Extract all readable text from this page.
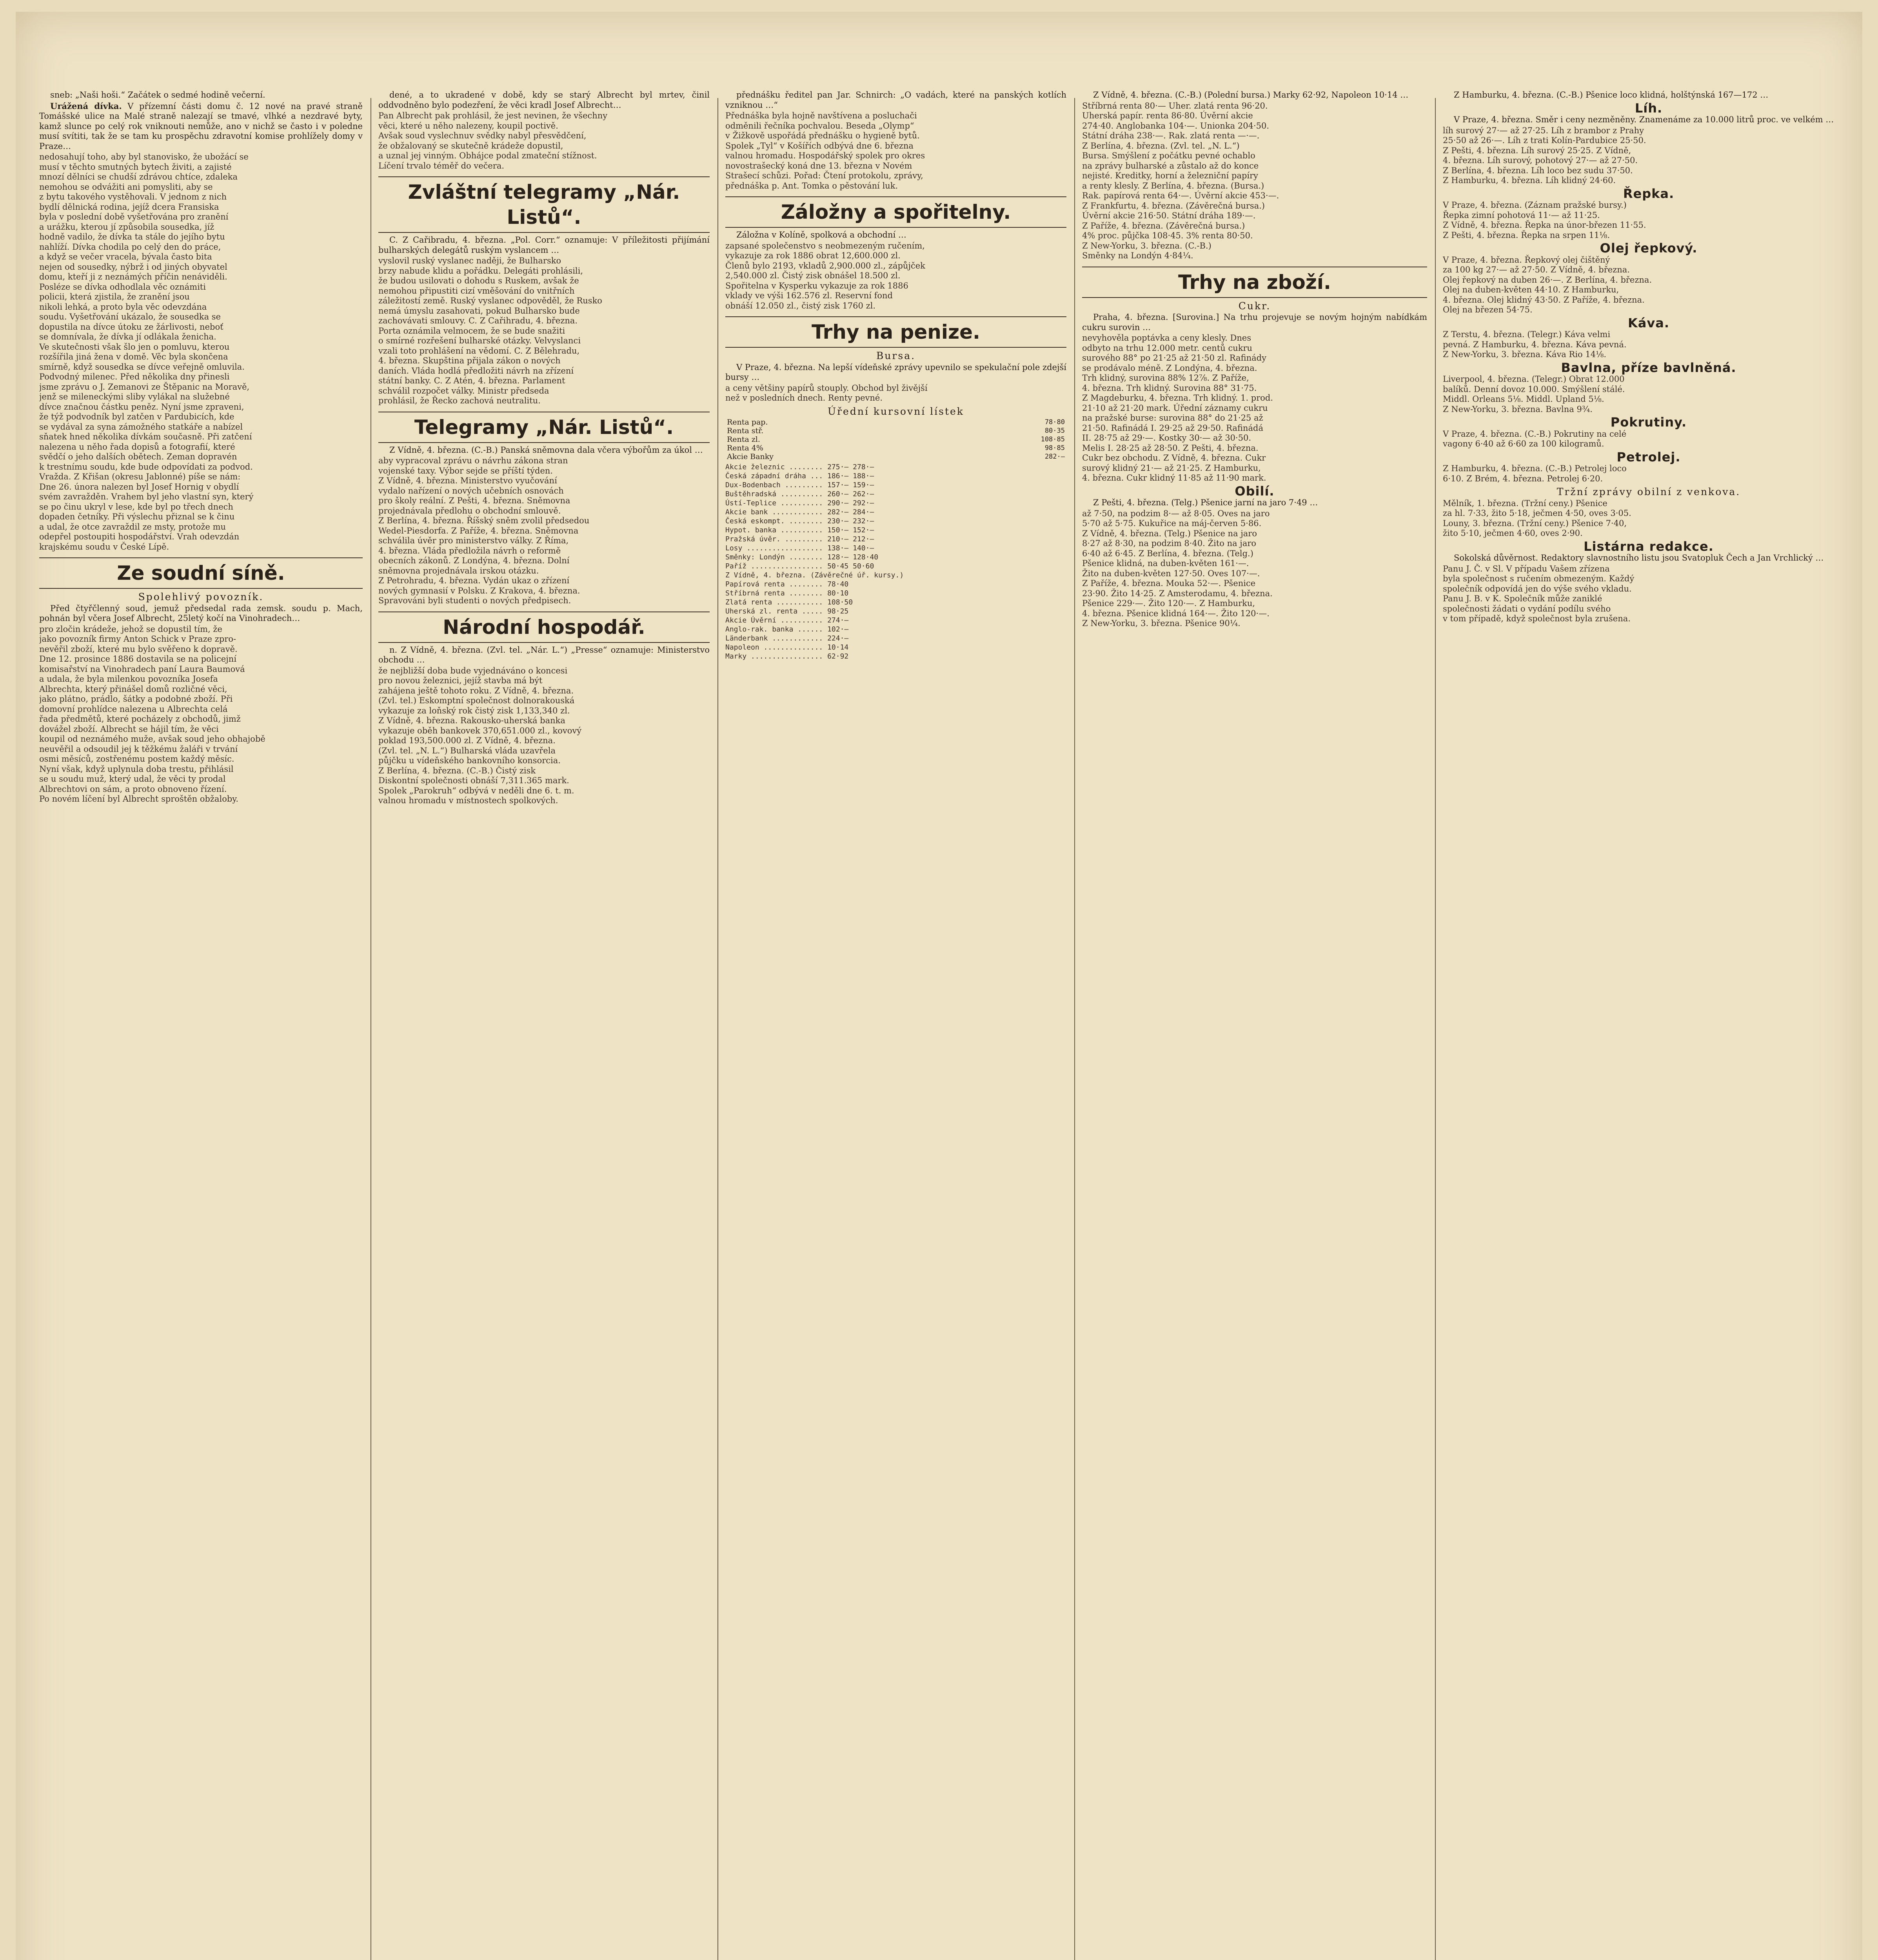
sneb: „Naši hoši.“ Začátek o sedmé hodině večerní.

Urážená dívka. V přízemní části domu č. 12 nové na pravé straně Tomášské ulice na Malé straně nalezají se tmavé, vlhké a nezdravé byty, kamž slunce po celý rok vniknouti nemůže, ano v nichž se často i v poledne musí svítiti, tak že se tam ku prospěchu zdravotní komise prohlížely domy v Praze…

nedosahují toho, aby byl stanovisko, že ubožácí se
musí v těchto smutných bytech živiti, a zajisté
mnozí dělníci se chudší zdrávou chtíce, zdaleka
nemohou se odvážiti ani pomysliti, aby se
z bytu takového vystěhovali. V jednom z nich
bydlí dělnická rodina, jejíž dcera Fransiska
byla v poslední době vyšetřována pro zranění
a urážku, kterou jí způsobila sousedka, jíž
hodně vadilo, že dívka ta stále do jejího bytu
nahlíží. Dívka chodila po celý den do práce,
a když se večer vracela, bývala často bita
nejen od sousedky, nýbrž i od jiných obyvatel
domu, kteří ji z neznámých příčin nenáviděli.
Posléze se dívka odhodlala věc oznámiti
policii, která zjistila, že zranění jsou
nikoli lehká, a proto byla věc odevzdána
soudu. Vyšetřování ukázalo, že sousedka se
dopustila na dívce útoku ze žárlivosti, neboť
se domnívala, že dívka jí odlákala ženicha.
Ve skutečnosti však šlo jen o pomluvu, kterou
rozšířila jiná žena v domě. Věc byla skončena
smírně, když sousedka se dívce veřejně omluvila.
Podvodný milenec. Před několika dny přinesli
jsme zprávu o J. Zemanovi ze Štěpanic na Moravě,
jenž se mileneckými sliby vylákal na služebné
dívce značnou částku peněz. Nyní jsme zpraveni,
že týž podvodník byl zatčen v Pardubicích, kde
se vydával za syna zámožného statkáře a nabízel
sňatek hned několika dívkám současně. Při zatčení
nalezena u něho řada dopisů a fotografií, které
svědčí o jeho dalších obětech. Zeman dopravén
k trestnímu soudu, kde bude odpovídati za podvod.
Vražda. Z Křišan (okresu Jablonné) píše se nám:
Dne 26. února nalezen byl Josef Hornig v obydlí
svém zavražděn. Vrahem byl jeho vlastní syn, který
se po činu ukryl v lese, kde byl po třech dnech
dopaden četníky. Při výslechu přiznal se k činu
a udal, že otce zavraždil ze msty, protože mu
odepřel postoupiti hospodářství. Vrah odevzdán
krajskému soudu v České Lípě.
Ze soudní síně.
Spolehlivý povozník.

Před čtyřčlenný soud, jemuž předsedal rada zemsk. soudu p. Mach, pohnán byl včera Josef Albrecht, 25letý kočí na Vinohradech…

pro zločin krádeže, jehož se dopustil tím, že
jako povozník firmy Anton Schick v Praze zpro-
nevěřil zboží, které mu bylo svěřeno k dopravě.
Dne 12. prosince 1886 dostavila se na policejní
komisařství na Vinohradech paní Laura Baumová
a udala, že byla milenkou povozníka Josefa
Albrechta, který přinášel domů rozličné věci,
jako plátno, prádlo, šátky a podobné zboží. Při
domovní prohlídce nalezena u Albrechta celá
řada předmětů, které pocházely z obchodů, jimž
dovážel zboží. Albrecht se hájil tím, že věci
koupil od neznámého muže, avšak soud jeho obhajobě
neuvěřil a odsoudil jej k těžkému žaláři v trvání
osmi měsíců, zostřenému postem každý měsíc.
Nyní však, když uplynula doba trestu, přihlásil
se u soudu muž, který udal, že věci ty prodal
Albrechtovi on sám, a proto obnoveno řízení.
Po novém líčení byl Albrecht sproštěn obžaloby.

dené, a to ukradené v době, kdy se starý Albrecht byl mrtev, činil oddvodněno bylo podezření, že věci kradl Josef Albrecht…

Pan Albrecht pak prohlásil, že jest nevinen, že všechny
věci, které u něho nalezeny, koupil poctivě.
Avšak soud vyslechnuv svědky nabyl přesvědčení,
že obžalovaný se skutečně krádeže dopustil,
a uznal jej vinným. Obhájce podal zmateční stížnost.
Líčení trvalo téměř do večera.
Zvláštní telegramy „Nár. Listů“.

C. Z Cařibradu, 4. března. „Pol. Corr.“ oznamuje: V příležitosti přijímání bulharských delegátů ruským vyslancem …

vyslovil ruský vyslanec naději, že Bulharsko
brzy nabude klidu a pořádku. Delegáti prohlásili,
že budou usilovati o dohodu s Ruskem, avšak že
nemohou připustiti cizí vměšování do vnitřních
záležitostí země. Ruský vyslanec odpověděl, že Rusko
nemá úmyslu zasahovati, pokud Bulharsko bude
zachovávati smlouvy. C. Z Cařihradu, 4. března.
Porta oznámila velmocem, že se bude snažiti
o smírné rozřešení bulharské otázky. Velvyslanci
vzali toto prohlášení na vědomí. C. Z Bělehradu,
4. března. Skupština přijala zákon o nových
daních. Vláda hodlá předložiti návrh na zřízení
státní banky. C. Z Atén, 4. března. Parlament
schválil rozpočet války. Ministr předseda
prohlásil, že Řecko zachová neutralitu.
Telegramy „Nár. Listů“.

Z Vídně, 4. března. (C.-B.) Panská sněmovna dala včera výbořům za úkol …

aby vypracoval zprávu o návrhu zákona stran
vojenské taxy. Výbor sejde se příští týden.
Z Vídně, 4. března. Ministerstvo vyučování
vydalo nařízení o nových učebních osnovách
pro školy reální. Z Pešti, 4. března. Sněmovna
projednávala předlohu o obchodní smlouvě.
Z Berlína, 4. března. Říšský sněm zvolil předsedou
Wedel-Piesdorfa. Z Paříže, 4. března. Sněmovna
schválila úvěr pro ministerstvo války. Z Říma,
4. března. Vláda předložila návrh o reformě
obecních zákonů. Z Londýna, 4. března. Dolní
sněmovna projednávala irskou otázku.
Z Petrohradu, 4. března. Vydán ukaz o zřízení
nových gymnasií v Polsku. Z Krakova, 4. března.
Spravováni byli studenti o nových předpisech.
Národní hospodář.

n. Z Vídně, 4. března. (Zvl. tel. „Nár. L.“) „Presse“ oznamuje: Ministerstvo obchodu …

že nejbližší doba bude vyjednáváno o koncesi
pro novou železnici, jejíž stavba má být
zahájena ještě tohoto roku. Z Vídně, 4. března.
(Zvl. tel.) Eskomptní společnost dolnorakouská
vykazuje za loňský rok čistý zisk 1,133,340 zl.
Z Vídně, 4. března. Rakousko-uherská banka
vykazuje oběh bankovek 370,651.000 zl., kovový
poklad 193,500.000 zl. Z Vídně, 4. března.
(Zvl. tel. „N. L.“) Bulharská vláda uzavřela
půjčku u vídeňského bankovního konsorcia.
Z Berlína, 4. března. (C.-B.) Čistý zisk
Diskontní společnosti obnáší 7,311.365 mark.
Spolek „Parokruh“ odbývá v neděli dne 6. t. m.
valnou hromadu v místnostech spolkových.

přednášku ředitel pan Jar. Schnirch: „O vadách, které na panských kotlích vzniknou …“

Přednáška byla hojně navštívena a posluchači
odměnili řečníka pochvalou. Beseda „Olymp“
v Žižkově uspořádá přednášku o hygieně bytů.
Spolek „Tyl“ v Košířích odbývá dne 6. března
valnou hromadu. Hospodářský spolek pro okres
novostrašecký koná dne 13. března v Novém
Strašecí schůzi. Pořad: Čtení protokolu, zprávy,
přednáška p. Ant. Tomka o pěstování luk.
Záložny a spořitelny.

Záložna v Kolíně, spolková a obchodní …

zapsané společenstvo s neobmezeným ručením,
vykazuje za rok 1886 obrat 12,600.000 zl.
Členů bylo 2193, vkladů 2,900.000 zl., zápůjček
2,540.000 zl. Čistý zisk obnášel 18.500 zl.
Spořitelna v Kysperku vykazuje za rok 1886
vklady ve výši 162.576 zl. Reservní fond
obnáší 12.050 zl., čistý zisk 1760 zl.
Trhy na penize.
Bursa.

V Praze, 4. března. Na lepší vídeňské zprávy upevnilo se spekulační pole zdejší bursy …

a ceny většiny papírů stouply. Obchod byl živější
než v posledních dnech. Renty pevné.
Úřední kursovní lístek
Renta pap.	78·80
Renta stř.	80·35
Renta zl.	108·85
Renta 4%	98·85
Akcie Banky	282·—
Akcie železnic ........ 275·— 278·—
Česká západní dráha ... 186·— 188·—
Dux-Bodenbach ......... 157·— 159·—
Buštěhradská .......... 260·— 262·—
Ústí-Teplice .......... 290·— 292·—
Akcie bank ............ 282·— 284·—
Česká eskompt. ........ 230·— 232·—
Hypot. banka .......... 150·— 152·—
Pražská úvěr. ......... 210·— 212·—
Losy .................. 138·— 140·—
Směnky: Londýn ........ 128·— 128·40
Paříž ................. 50·45 50·60
Z Vídně, 4. března. (Závěrečné úř. kursy.)
Papírová renta ........ 78·40
Stříbrná renta ........ 80·10
Zlatá renta ........... 108·50
Uherská zl. renta ..... 98·25
Akcie Úvěrní .......... 274·—
Anglo-rak. banka ...... 102·—
Länderbank ............ 224·—
Napoleon .............. 10·14
Marky ................. 62·92

Z Vídně, 4. března. (C.-B.) (Polední bursa.) Marky 62·92, Napoleon 10·14 …

Stříbrná renta 80·— Uher. zlatá renta 96·20.
Uherská papír. renta 86·80. Úvěrní akcie
274·40. Anglobanka 104·—. Unionka 204·50.
Státní dráha 238·—. Rak. zlatá renta —·—.
Z Berlína, 4. března. (Zvl. tel. „N. L.“)
Bursa. Smýšlení z počátku pevné ochablo
na zprávy bulharské a zůstalo až do konce
nejisté. Kreditky, horní a železniční papíry
a renty klesly. Z Berlína, 4. března. (Bursa.)
Rak. papírová renta 64·—. Úvěrní akcie 453·—.
Z Frankfurtu, 4. března. (Závěrečná bursa.)
Úvěrní akcie 216·50. Státní dráha 189·—.
Z Paříže, 4. března. (Závěrečná bursa.)
4% proc. půjčka 108·45. 3% renta 80·50.
Z New-Yorku, 3. března. (C.-B.)
Směnky na Londýn 4·84¼.
Trhy na zboží.
Cukr.

Praha, 4. března. [Surovina.] Na trhu projevuje se novým hojným nabídkám cukru surovin …

nevyhověla poptávka a ceny klesly. Dnes
odbyto na trhu 12.000 metr. centů cukru
surového 88° po 21·25 až 21·50 zl. Rafinády
se prodávalo méně. Z Londýna, 4. března.
Trh klidný, surovina 88% 12⅞. Z Paříže,
4. března. Trh klidný. Surovina 88° 31·75.
Z Magdeburku, 4. března. Trh klidný. 1. prod.
21·10 až 21·20 mark. Úřední záznamy cukru
na pražské burse: surovina 88° do 21·25 až
21·50. Rafinádá I. 29·25 až 29·50. Rafinádá
II. 28·75 až 29·—. Kostky 30·— až 30·50.
Melis I. 28·25 až 28·50. Z Pešti, 4. března.
Cukr bez obchodu. Z Vídně, 4. března. Cukr
surový klidný 21·— až 21·25. Z Hamburku,
4. března. Cukr klidný 11·85 až 11·90 mark.
Obilí.

Z Pešti, 4. března. (Telg.) Pšenice jarní na jaro 7·49 …

až 7·50, na podzim 8·— až 8·05. Oves na jaro
5·70 až 5·75. Kukuřice na máj-červen 5·86.
Z Vídně, 4. března. (Telg.) Pšenice na jaro
8·27 až 8·30, na podzim 8·40. Žito na jaro
6·40 až 6·45. Z Berlína, 4. března. (Telg.)
Pšenice klidná, na duben-květen 161·—.
Žito na duben-květen 127·50. Oves 107·—.
Z Paříže, 4. března. Mouka 52·—. Pšenice
23·90. Žito 14·25. Z Amsterodamu, 4. března.
Pšenice 229·—. Žito 120·—. Z Hamburku,
4. března. Pšenice klidná 164·—. Žito 120·—.
Z New-Yorku, 3. března. Pšenice 90¼.

Z Hamburku, 4. března. (C.-B.) Pšenice loco klidná, holštýnská 167—172 …

Líh.

V Praze, 4. března. Směr i ceny nezměněny. Znamenáme za 10.000 litrů proc. ve velkém …

líh surový 27·— až 27·25. Líh z brambor z Prahy
25·50 až 26·—. Líh z trati Kolín-Pardubice 25·50.
Z Pešti, 4. března. Líh surový 25·25. Z Vídně,
4. března. Líh surový, pohotový 27·— až 27·50.
Z Berlína, 4. března. Líh loco bez sudu 37·50.
Z Hamburku, 4. března. Líh klidný 24·60.
Řepka.
V Praze, 4. března. (Záznam pražské bursy.)
Řepka zimní pohotová 11·— až 11·25.
Z Vídně, 4. března. Řepka na únor-březen 11·55.
Z Pešti, 4. března. Řepka na srpen 11⅛.
Olej řepkový.
V Praze, 4. března. Řepkový olej čištěný
za 100 kg 27·— až 27·50. Z Vídně, 4. března.
Olej řepkový na duben 26·—. Z Berlína, 4. března.
Olej na duben-květen 44·10. Z Hamburku,
4. března. Olej klidný 43·50. Z Paříže, 4. března.
Olej na březen 54·75.
Káva.
Z Terstu, 4. března. (Telegr.) Káva velmi
pevná. Z Hamburku, 4. března. Káva pevná.
Z New-Yorku, 3. března. Káva Rio 14⅛.
Bavlna, příze bavlněná.
Liverpool, 4. března. (Telegr.) Obrat 12.000
balíků. Denní dovoz 10.000. Smýšlení stálé.
Middl. Orleans 5⅛. Middl. Upland 5⅛.
Z New-Yorku, 3. března. Bavlna 9¾.
Pokrutiny.
V Praze, 4. března. (C.-B.) Pokrutiny na celé
vagony 6·40 až 6·60 za 100 kilogramů.
Petrolej.
Z Hamburku, 4. března. (C.-B.) Petrolej loco
6·10. Z Brém, 4. března. Petrolej 6·20.
Tržní zprávy obilní z venkova.
Mělník, 1. března. (Tržní ceny.) Pšenice
za hl. 7·33, žito 5·18, ječmen 4·50, oves 3·05.
Louny, 3. března. (Tržní ceny.) Pšenice 7·40,
žito 5·10, ječmen 4·60, oves 2·90.
Listárna redakce.

Sokolská důvěrnost. Redaktory slavnostního listu jsou Svatopluk Čech a Jan Vrchlický …

Panu J. Č. v Sl. V případu Vašem zřízena
byla společnost s ručením obmezeným. Každý
společník odpovídá jen do výše svého vkladu.
Panu J. B. v K. Společník může zaniklé
společnosti žádati o vydání podílu svého
v tom případě, když společnost byla zrušena.
